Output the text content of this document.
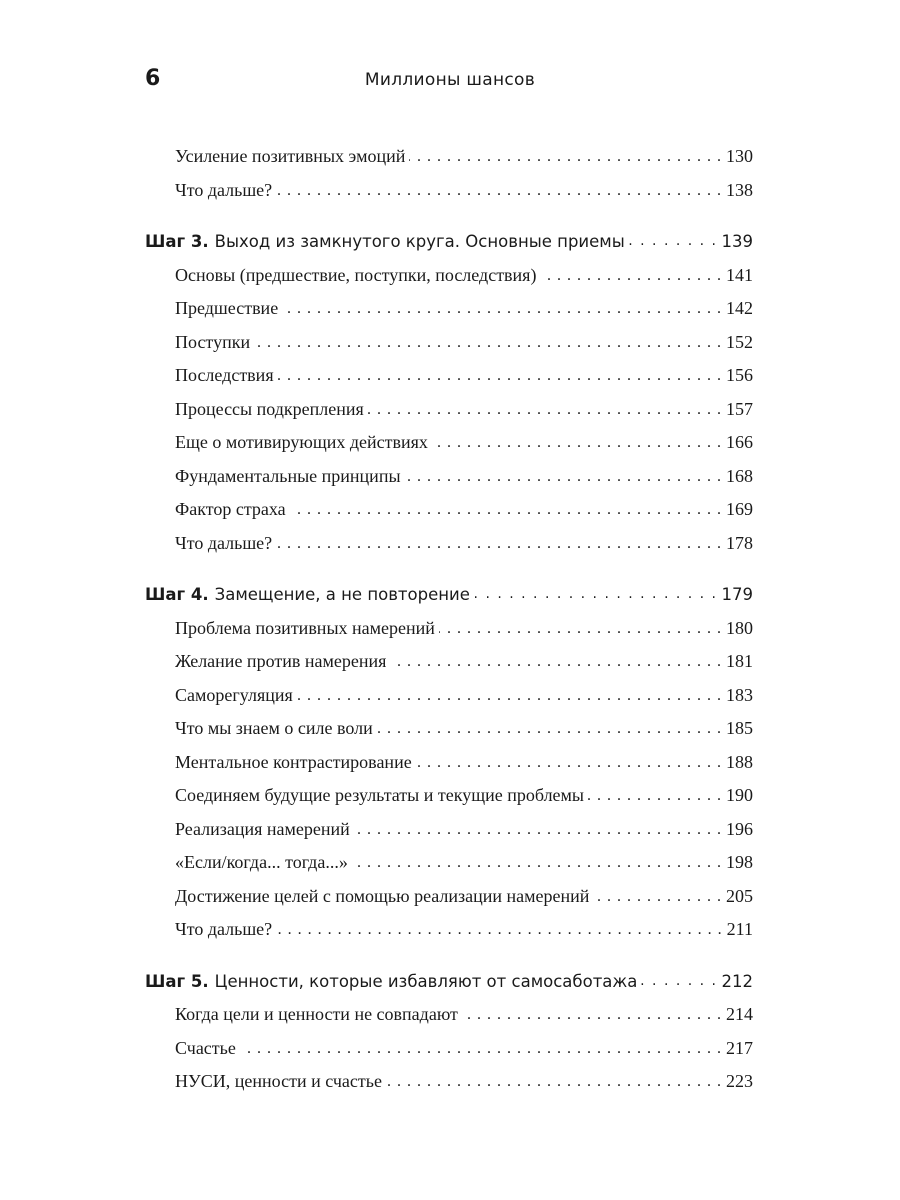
6	Миллионы шансов
Усиление позитивных эмоций . . .	130
Что дальше? . . .	138
Шаг 3. Выход из замкнутого круга. Основные приемы . . .	139
Основы (предшествие, поступки, последствия) . . .	141
Предшествие . . .	142
Поступки . . .	152
Последствия . . .	156
Процессы подкрепления . . .	157
Еще о мотивирующих действиях . . .	166
Фундаментальные принципы . . .	168
Фактор страха . . .	169
Что дальше? . . .	178
Шаг 4. Замещение, а не повторение . . .	179
Проблема позитивных намерений . . .	180
Желание против намерения . . .	181
Саморегуляция . . .	183
Что мы знаем о силе воли . . .	185
Ментальное контрастирование . . .	188
Соединяем будущие результаты и текущие проблемы . . .	190
Реализация намерений . . .	196
«Если/когда... тогда...» . . .	198
Достижение целей с помощью реализации намерений . . .	205
Что дальше? . . .	211
Шаг 5. Ценности, которые избавляют от самосаботажа . . .	212
Когда цели и ценности не совпадают . . .	214
Счастье . . .	217
НУСИ, ценности и счастье . . .	223
